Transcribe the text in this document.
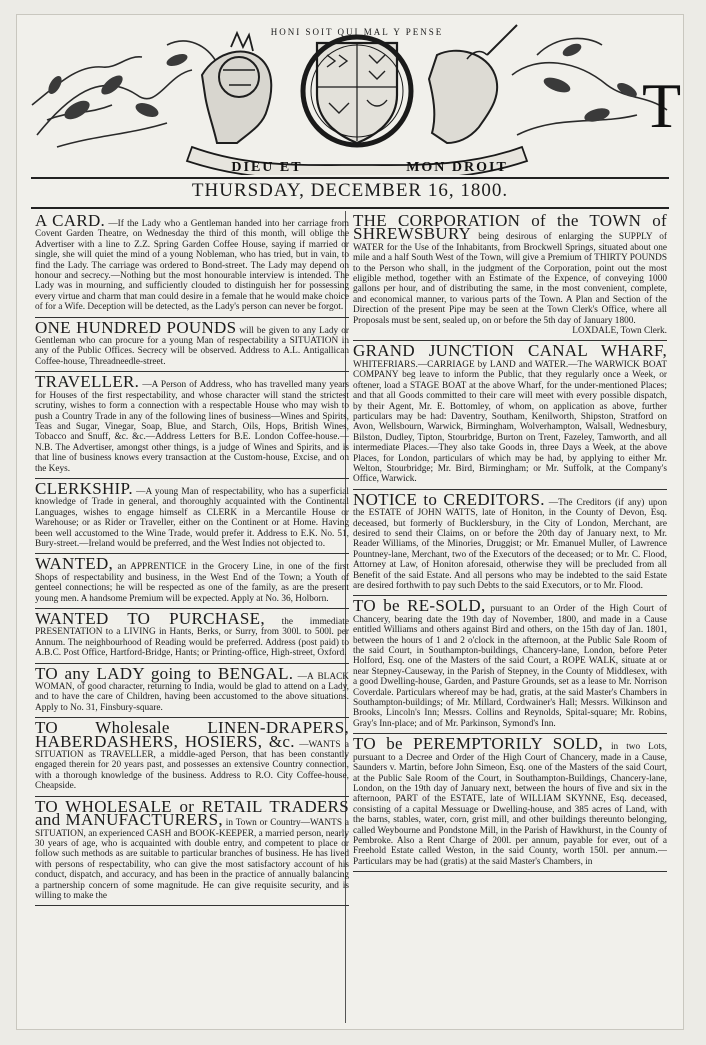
HONI SOIT QUI MAL Y PENSE
T
DIEU ET	MON DROIT
THURSDAY, DECEMBER 16, 1800.

A CARD. —If the Lady who a Gentleman handed into her carriage from Covent Garden Theatre, on Wednesday the third of this month, will oblige the Advertiser with a line to Z.Z. Spring Garden Coffee House, saying if married or single, she will quiet the mind of a young Nobleman, who has tried, but in vain, to find the Lady. The carriage was ordered to Bond-street. The Lady may depend on honour and secrecy.—Nothing but the most honourable interview is intended. The Lady was in mourning, and sufficiently clouded to distinguish her for possessing every virtue and charm that man could desire in a female that he would make choice of for a Wife. Deception will be detected, as the Lady's person can never be forgot.

ONE HUNDRED POUNDS will be given to any Lady or Gentleman who can procure for a young Man of respectability a SITUATION in any of the Public Offices. Secrecy will be observed. Address to A.L. Antigallican Coffee-house, Threadneedle-street.

TRAVELLER. —A Person of Address, who has travelled many years for Houses of the first respectability, and whose character will stand the strictest scrutiny, wishes to form a connection with a respectable House who may wish to push a Country Trade in any of the following lines of business—Wines and Spirits, Teas and Sugar, Vinegar, Soap, Blue, and Starch, Oils, Hops, British Wines, Tobacco and Snuff, &c. &c.—Address Letters for B.E. London Coffee-house.—N.B. The Advertiser, amongst other things, is a judge of Wines and Spirits, and is that line of business knows every transaction at the Custom-house, Excise, and on the Keys.

CLERKSHIP. —A young Man of respectability, who has a superficial knowledge of Trade in general, and thoroughly acquainted with the Continental Languages, wishes to engage himself as CLERK in a Mercantile House or Warehouse; or as Rider or Traveller, either on the Continent or at Home. Having been well accustomed to the Wine Trade, would prefer it. Address to E.K. No. 51, Bury-street.—Ireland would be preferred, and the West Indies not objected to.

WANTED, an APPRENTICE in the Grocery Line, in one of the first Shops of respectability and business, in the West End of the Town; a Youth of genteel connections; he will be respected as one of the family, as are the present young men. A handsome Premium will be expected. Apply at No. 36, Holborn.

WANTED TO PURCHASE, the immediate PRESENTATION to a LIVING in Hants, Berks, or Surry, from 300l. to 500l. per Annum. The neighbourhood of Reading would be preferred. Address (post paid) to A.B.C. Post Office, Hartford-Bridge, Hants; or Printing-office, High-street, Oxford.

TO any LADY going to BENGAL. —A BLACK WOMAN, of good character, returning to India, would be glad to attend on a Lady, and to have the care of Children, having been accustomed to the above situations. Apply to No. 31, Finsbury-square.

TO Wholesale LINEN-DRAPERS, HABERDASHERS, HOSIERS, &c. —WANTS a SITUATION as TRAVELLER, a middle-aged Person, that has been constantly engaged therein for 20 years past, and possesses an extensive Country connection, with a thorough knowledge of the business. Address to R.O. City Coffee-house, Cheapside.

TO WHOLESALE or RETAIL TRADERS and MANUFACTURERS, in Town or Country—WANTS a SITUATION, an experienced CASH and BOOK-KEEPER, a married person, nearly 30 years of age, who is acquainted with double entry, and competent to place or follow such methods as are suitable to particular branches of business. He has lived with persons of respectability, who can give the most satisfactory account of his conduct, dispatch, and accuracy, and has been in the practice of annually balancing a partnership concern of some magnitude. He can give requisite security, and is willing to make the

THE CORPORATION of the TOWN of SHREWSBURY being desirous of enlarging the SUPPLY of WATER for the Use of the Inhabitants, from Brockwell Springs, situated about one mile and a half South West of the Town, will give a Premium of THIRTY POUNDS to the Person who shall, in the judgment of the Corporation, point out the most eligible method, together with an Estimate of the Expence, of conveying 1000 gallons per hour, and of distributing the same, in the most convenient, complete, and economical manner, to various parts of the Town. A Plan and Section of the Direction of the present Pipe may be seen at the Town Clerk's Office, where all Proposals must be sent, sealed up, on or before the 5th day of January 1800.
LOXDALE, Town Clerk.

GRAND JUNCTION CANAL WHARF, WHITEFRIARS.—CARRIAGE by LAND and WATER.—The WARWICK BOAT COMPANY beg leave to inform the Public, that they regularly once a Week, or oftener, load a STAGE BOAT at the above Wharf, for the under-mentioned Places; and that all Goods committed to their care will meet with every possible dispatch, by their Agent, Mr. E. Bottomley, of whom, on application as above, further particulars may be had: Daventry, Southam, Kenilworth, Shipston, Stratford on Avon, Wellsbourn, Warwick, Birmingham, Wolverhampton, Walsall, Wednesbury, Bilston, Dudley, Tipton, Stourbridge, Burton on Trent, Fazeley, Tamworth, and all intermediate Places.—They also take Goods in, three Days a Week, at the above Places, for London, particulars of which may be had, by applying to either Mr. Welton, Stourbridge; Mr. Bird, Birmingham; or Mr. Suffolk, at the Company's Office, Warwick.

NOTICE to CREDITORS. —The Creditors (if any) upon the ESTATE of JOHN WATTS, late of Honiton, in the County of Devon, Esq. deceased, but formerly of Bucklersbury, in the City of London, Merchant, are desired to send their Claims, on or before the 20th day of January next, to Mr. Reader Williams, of the Minories, Druggist; or Mr. Emanuel Muller, of Lawrence Pountney-lane, Merchant, two of the Executors of the deceased; or to Mr. C. Flood, Attorney at Law, of Honiton aforesaid, otherwise they will be precluded from all Benefit of the said Estate. And all persons who may be indebted to the said Estate are desired forthwith to pay such Debts to the said Executors, or to Mr. Flood.

TO be RE-SOLD, pursuant to an Order of the High Court of Chancery, bearing date the 19th day of November, 1800, and made in a Cause entitled Williams and others against Bird and others, on the 15th day of Jan. 1801, between the hours of 1 and 2 o'clock in the afternoon, at the Public Sale Room of the said Court, in Southampton-buildings, Chancery-lane, London, before Peter Holford, Esq. one of the Masters of the said Court, a ROPE WALK, situate at or near Stepney-Causeway, in the Parish of Stepney, in the County of Middlesex, with a good Dwelling-house, Garden, and Pasture Grounds, set as a lease to Mr. Norrison Coverdale. Particulars whereof may be had, gratis, at the said Master's Chambers in Southampton-buildings; of Mr. Millard, Cordwainer's Hall; Messrs. Wilkinson and Brooks, Lincoln's Inn; Messrs. Collins and Reynolds, Spital-square; Mr. Robins, Gray's Inn-place; and of Mr. Parkinson, Symond's Inn.

TO be PEREMPTORILY SOLD, in two Lots, pursuant to a Decree and Order of the High Court of Chancery, made in a Cause, Saunders v. Martin, before John Simeon, Esq. one of the Masters of the said Court, at the Public Sale Room of the Court, in Southampton-Buildings, Chancery-lane, London, on the 19th day of January next, between the hours of five and six in the afternoon, PART of the ESTATE, late of WILLIAM SKYNNE, Esq. deceased, consisting of a capital Messuage or Dwelling-house, and 385 acres of Land, with the barns, stables, water, corn, grist mill, and other buildings thereunto belonging, called Weybourne and Pondstone Mill, in the Parish of Hawkhurst, in the County of Pembroke. Also a Rent Charge of 200l. per annum, payable for ever, out of a Freehold Estate called Weston, in the said County, worth 150l. per annum.—Particulars may be had (gratis) at the said Master's Chambers, in
